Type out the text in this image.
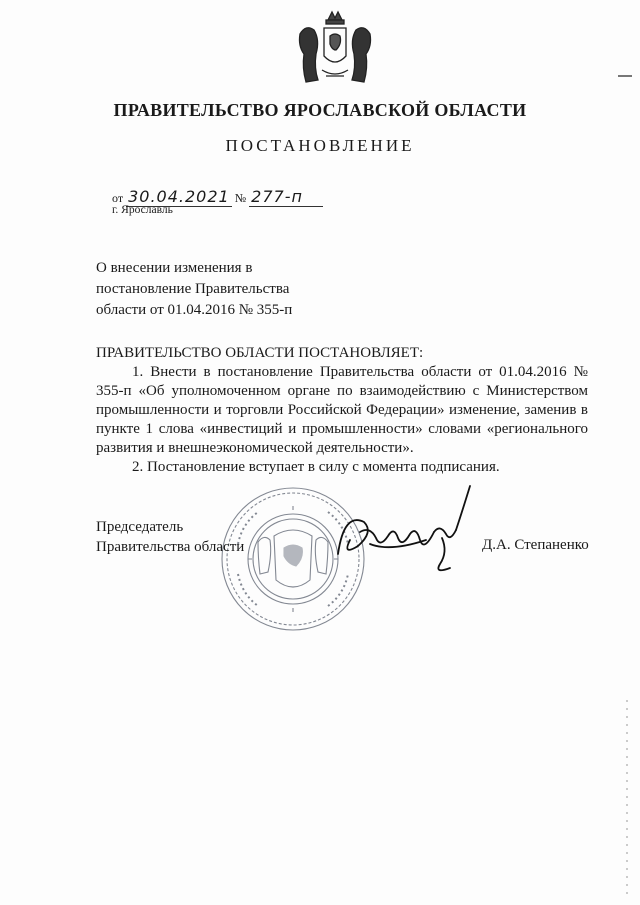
ПРАВИТЕЛЬСТВО ЯРОСЛАВСКОЙ ОБЛАСТИ
ПОСТАНОВЛЕНИЕ
от 30.04.2021 № 277-п
г. Ярославль
О внесении изменения в
постановление Правительства
области от 01.04.2016 № 355-п
ПРАВИТЕЛЬСТВО ОБЛАСТИ ПОСТАНОВЛЯЕТ:
1. Внести в постановление Правительства области от 01.04.2016 № 355-п «Об уполномоченном органе по взаимодействию с Министерством промышленности и торговли Российской Федерации» изменение, заменив в пункте 1 слова «инвестиций и промышленности» словами «регионального развития и внешнеэкономической деятельности».
2. Постановление вступает в силу с момента подписания.
Председатель
Правительства области	Д.А. Степаненко
